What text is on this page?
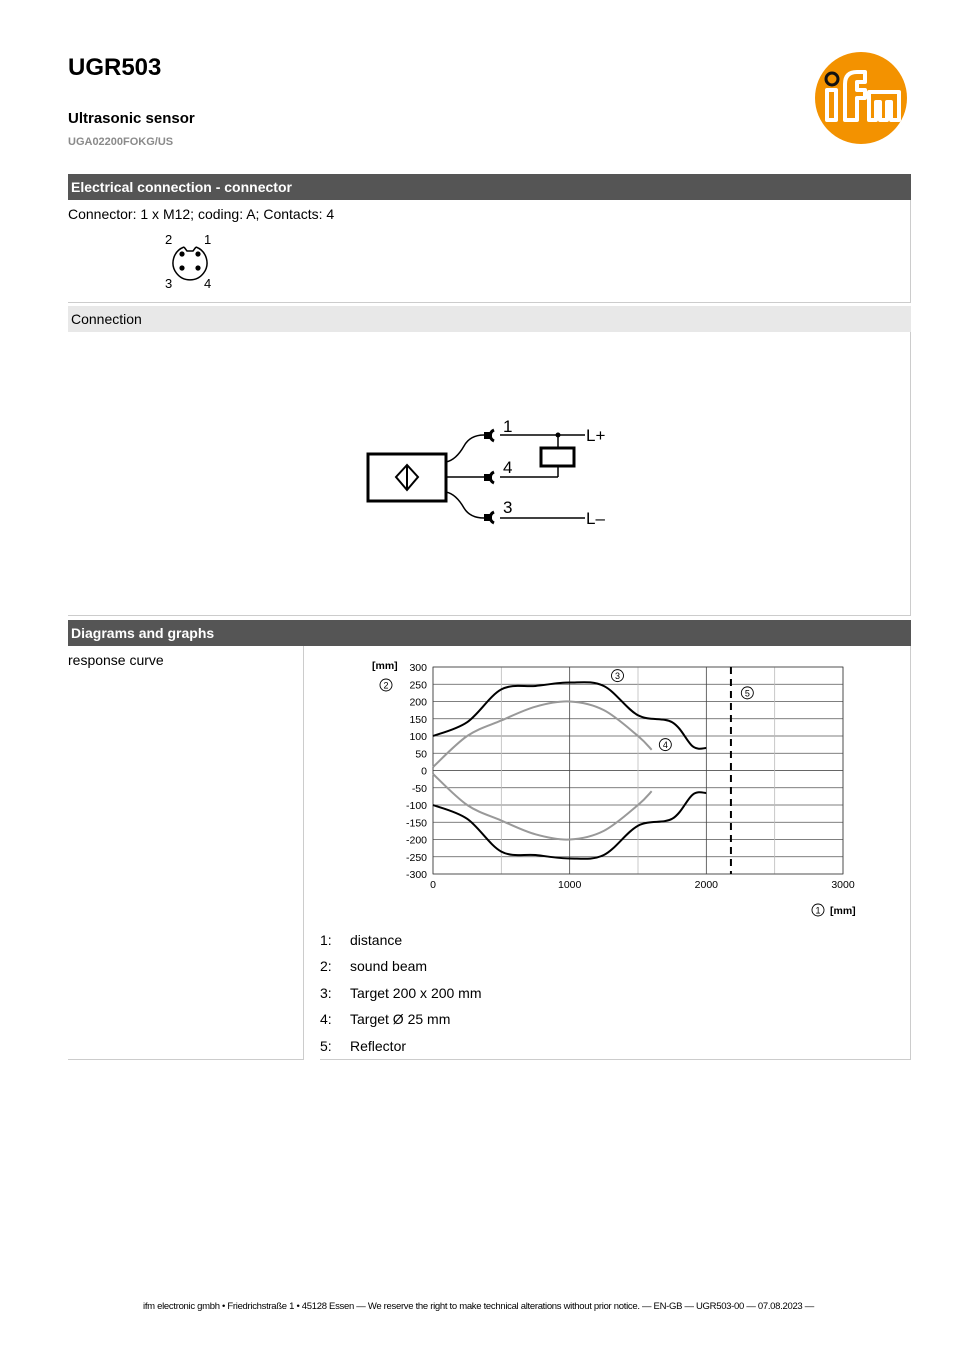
UGR503
Ultrasonic sensor
UGA02200FOKG/US
Electrical connection - connector
Connector: 1 x M12; coding: A; Contacts: 4
2 1
3 4
Connection
1
4
3
L+
L–
Diagrams and graphs
response curve	300
250
200
150
100
50
0
-50
-100
-150
-200
-250
-300
0	1000	2000	3000
3
4
5
[mm]
2
1 [mm]
1: distance
2: sound beam
3: Target 200 x 200 mm
4: Target Ø 25 mm
5: Reflector
ifm electronic gmbh • Friedrichstraße 1 • 45128 Essen — We reserve the right to make technical alterations without prior notice. — EN-GB — UGR503-00 — 07.08.2023 —
